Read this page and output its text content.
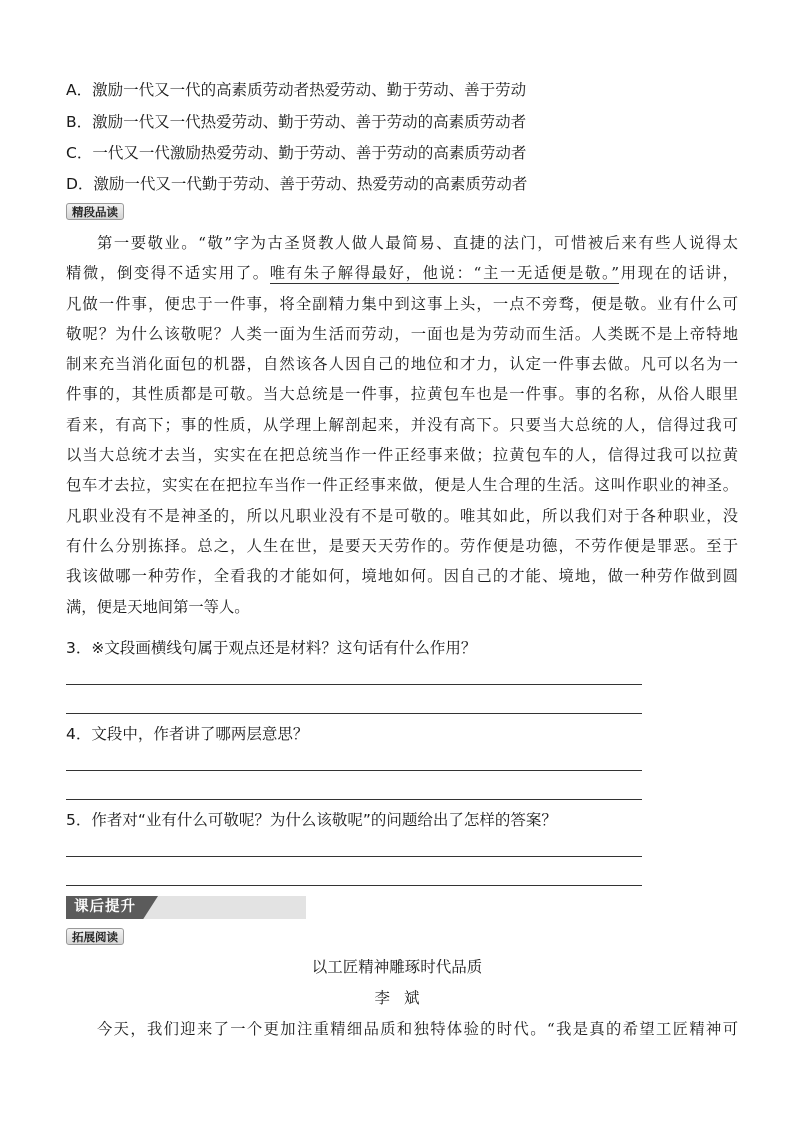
A．激励一代又一代的高素质劳动者热爱劳动、勤于劳动、善于劳动
B．激励一代又一代热爱劳动、勤于劳动、善于劳动的高素质劳动者
C．一代又一代激励热爱劳动、勤于劳动、善于劳动的高素质劳动者
D．激励一代又一代勤于劳动、善于劳动、热爱劳动的高素质劳动者
精段品读
第一要敬业。“敬”字为古圣贤教人做人最简易、直捷的法门，可惜被后来有些人说得太
精微，倒变得不适实用了。唯有朱子解得最好，他说：“主一无适便是敬。”用现在的话讲，
凡做一件事，便忠于一件事，将全副精力集中到这事上头，一点不旁骛，便是敬。业有什么可
敬呢？为什么该敬呢？人类一面为生活而劳动，一面也是为劳动而生活。人类既不是上帝特地
制来充当消化面包的机器，自然该各人因自己的地位和才力，认定一件事去做。凡可以名为一
件事的，其性质都是可敬。当大总统是一件事，拉黄包车也是一件事。事的名称，从俗人眼里
看来，有高下；事的性质，从学理上解剖起来，并没有高下。只要当大总统的人，信得过我可
以当大总统才去当，实实在在把总统当作一件正经事来做；拉黄包车的人，信得过我可以拉黄
包车才去拉，实实在在把拉车当作一件正经事来做，便是人生合理的生活。这叫作职业的神圣。
凡职业没有不是神圣的，所以凡职业没有不是可敬的。唯其如此，所以我们对于各种职业，没
有什么分别拣择。总之，人生在世，是要天天劳作的。劳作便是功德，不劳作便是罪恶。至于
我该做哪一种劳作，全看我的才能如何，境地如何。因自己的才能、境地，做一种劳作做到圆
满，便是天地间第一等人。
3．※文段画横线句属于观点还是材料？这句话有什么作用？
4．文段中，作者讲了哪两层意思？
5．作者对“业有什么可敬呢？为什么该敬呢”的问题给出了怎样的答案？
课后提升
拓展阅读
以工匠精神雕琢时代品质
李斌
今天，我们迎来了一个更加注重精细品质和独特体验的时代。“我是真的希望工匠精神可
